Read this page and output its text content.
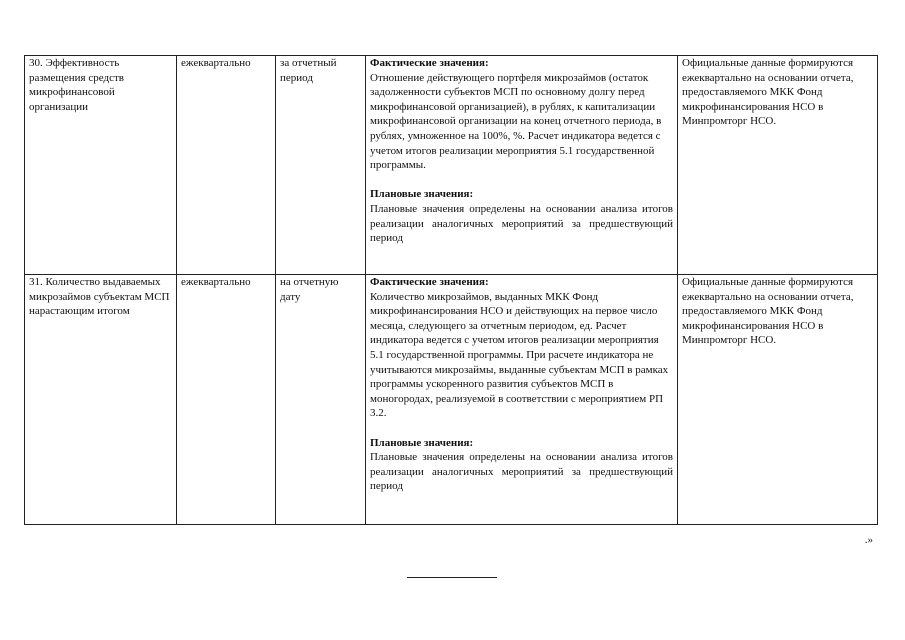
30. Эффективность размещения средств микрофинансовой организации	ежеквартально	за отчетный период	Фактические значения:
Отношение действующего портфеля микрозаймов (остаток задолженности субъектов МСП по основному долгу перед микрофинансовой организацией), в рублях, к капитализации микрофинансовой организации на конец отчетного периода, в рублях, умноженное на 100%, %. Расчет индикатора ведется с учетом итогов реализации мероприятия 5.1 государственной программы.
Плановые значения:
Плановые значения определены на основании анализа итогов реализации аналогичных мероприятий за предшествующий период	Официальные данные формируются ежеквартально на основании отчета, предоставляемого МКК Фонд микрофинансирования НСО в Минпромторг НСО.

31. Количество выдаваемых микрозаймов субъектам МСП нарастающим итогом	ежеквартально	на отчетную дату	Фактические значения:
Количество микрозаймов, выданных МКК Фонд микрофинансирования НСО и действующих на первое число месяца, следующего за отчетным периодом, ед. Расчет индикатора ведется с учетом итогов реализации мероприятия 5.1 государственной программы. При расчете индикатора не учитываются микрозаймы, выданные субъектам МСП в рамках программы ускоренного развития субъектов МСП в моногородах, реализуемой в соответствии с мероприятием РП 3.2.
Плановые значения:
Плановые значения определены на основании анализа итогов реализации аналогичных мероприятий за предшествующий период	Официальные данные формируются ежеквартально на основании отчета, предоставляемого МКК Фонд микрофинансирования НСО в Минпромторг НСО.
.»
